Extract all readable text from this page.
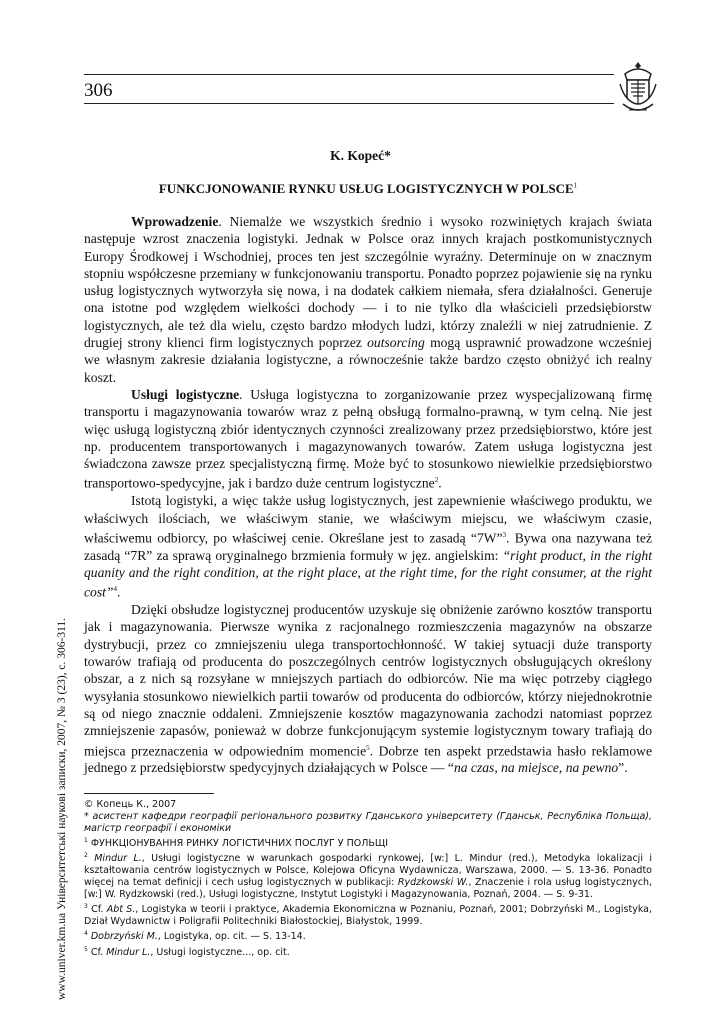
306
K. Kopeć*
FUNKCJONOWANIE RYNKU USŁUG LOGISTYCZNYCH W POLSCE$^1$

Wprowadzenie. Niemalże we wszystkich średnio i wysoko rozwiniętych krajach świata następuje wzrost znaczenia logistyki. Jednak w Polsce oraz innych krajach postkomunistycznych Europy Środkowej i Wschodniej, proces ten jest szczególnie wyraźny. Determinuje on w znacznym stopniu współczesne przemiany w funkcjonowaniu transportu. Ponadto poprzez pojawienie się na rynku usług logistycznych wytworzyła się nowa, i na dodatek całkiem niemała, sfera działalności. Generuje ona istotne pod względem wielkości dochody — i to nie tylko dla właścicieli przedsiębiorstw logistycznych, ale też dla wielu, często bardzo młodych ludzi, którzy znaleźli w niej zatrudnienie. Z drugiej strony klienci firm logistycznych poprzez outsorcing mogą usprawnić prowadzone wcześniej we własnym zakresie działania logistyczne, a równocześnie także bardzo często obniżyć ich realny koszt.

Usługi logistyczne. Usługa logistyczna to zorganizowanie przez wyspecjalizowaną firmę transportu i magazynowania towarów wraz z pełną obsługą formalno-prawną, w tym celną. Nie jest więc usługą logistyczną zbiór identycznych czynności zrealizowany przez przedsiębiorstwo, które jest np. producentem transportowanych i magazynowanych towarów. Zatem usługa logistyczna jest świadczona zawsze przez specjalistyczną firmę. Może być to stosunkowo niewielkie przedsiębiorstwo transportowo-spedycyjne, jak i bardzo duże centrum logistyczne$^2$.

Istotą logistyki, a więc także usług logistycznych, jest zapewnienie właściwego produktu, we właściwych ilościach, we właściwym stanie, we właściwym miejscu, we właściwym czasie, właściwemu odbiorcy, po właściwej cenie. Określane jest to zasadą “7W”$^3$. Bywa ona nazywana też zasadą “7R” za sprawą oryginalnego brzmienia formuły w jęz. angielskim: “right product, in the right quanity and the right condition, at the right place, at the right time, for the right consumer, at the right cost”$^4$.

Dzięki obsłudze logistycznej producentów uzyskuje się obniżenie zarówno kosztów transportu jak i magazynowania. Pierwsze wynika z racjonalnego rozmieszczenia magazynów na obszarze dystrybucji, przez co zmniejszeniu ulega transportochłonność. W takiej sytuacji duże transporty towarów trafiają od producenta do poszczególnych centrów logistycznych obsługujących określony obszar, a z nich są rozsyłane w mniejszych partiach do odbiorców. Nie ma więc potrzeby ciągłego wysyłania stosunkowo niewielkich partii towarów od producenta do odbiorców, którzy niejednokrotnie są od niego znacznie oddaleni. Zmniejszenie kosztów magazynowania zachodzi natomiast poprzez zmniejszenie zapasów, ponieważ w dobrze funkcjonującym systemie logistycznym towary trafiają do miejsca przeznaczenia w odpowiednim momencie$^5$. Dobrze ten aspekt przedstawia hasło reklamowe jednego z przedsiębiorstw spedycyjnych działających w Polsce — “na czas, na miejsce, na pewno”.

© Копець К., 2007
* асистент кафедри географії регіонального розвитку Гданського університету (Гданськ, Республіка Польща), магістр географії і економіки
$^1$ ФУНКЦІОНУВАННЯ РИНКУ ЛОГІСТИЧНИХ ПОСЛУГ У ПОЛЬЩІ
$^2$ Mindur L., Usługi logistyczne w warunkach gospodarki rynkowej, [w:] L. Mindur (red.), Metodyka lokalizacji i kształtowania centrów logistycznych w Polsce, Kolejowa Oficyna Wydawnicza, Warszawa, 2000. — S. 13-36. Ponadto więcej na temat definicji i cech usług logistycznych w publikacji: Rydzkowski W., Znaczenie i rola usług logistycznych, [w:] W. Rydzkowski (red.), Usługi logistyczne, Instytut Logistyki i Magazynowania, Poznań, 2004. — S. 9-31.
$^3$ Cf. Abt S., Logistyka w teorii i praktyce, Akademia Ekonomiczna w Poznaniu, Poznań, 2001; Dobrzyński M., Logistyka, Dział Wydawnictw i Poligrafii Politechniki Białostockiej, Białystok, 1999.
$^4$ Dobrzyński M., Logistyka, op. cit. — S. 13-14.
$^5$ Cf. Mindur L., Usługi logistyczne..., op. cit.
www.univer.km.ua Університетські наукові записки, 2007, № 3 (23), с. 306-311.
